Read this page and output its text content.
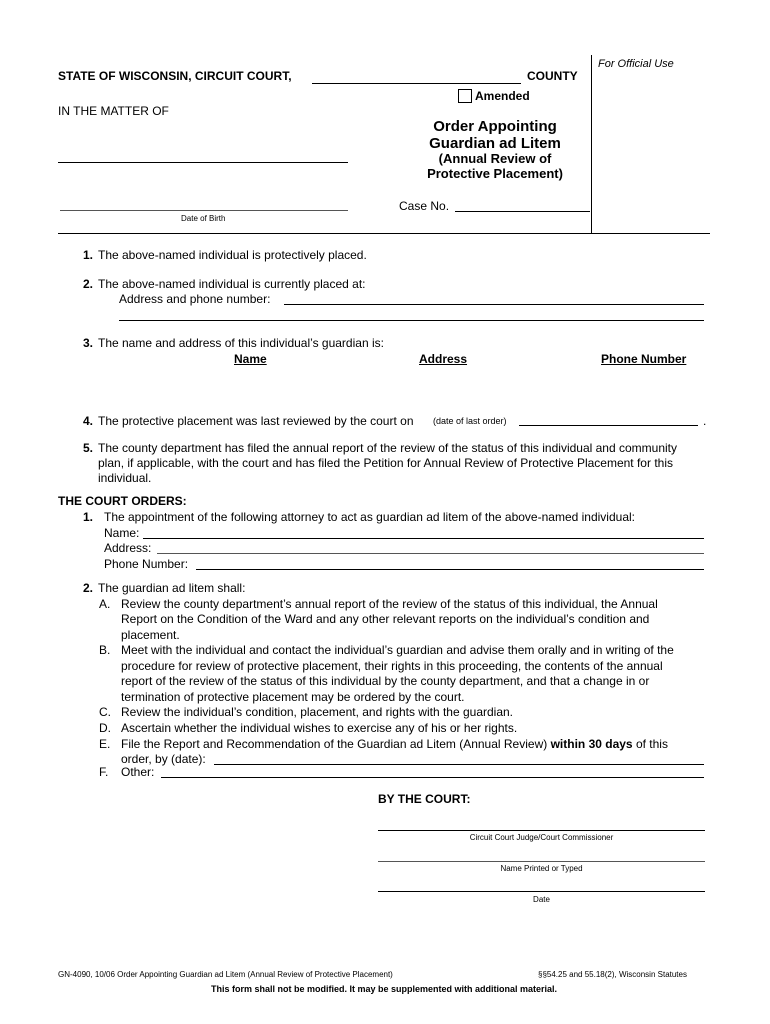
For Official Use
STATE OF WISCONSIN, CIRCUIT COURT,	COUNTY
Amended
IN THE MATTER OF
Date of Birth
Order Appointing
Guardian ad Litem
(Annual Review of
Protective Placement)
Case No.
1. The above-named individual is protectively placed.
2. The above-named individual is currently placed at:
Address and phone number:
3. The name and address of this individual’s guardian is:
Name	Address	Phone Number
4. The protective placement was last reviewed by the court on (date of last order)	.
5. The county department has filed the annual report of the review of the status of this individual and community
plan, if applicable, with the court and has filed the Petition for Annual Review of Protective Placement for this
individual.
THE COURT ORDERS:
1. The appointment of the following attorney to act as guardian ad litem of the above-named individual:
Name:
Address:
Phone Number:
2. The guardian ad litem shall:
A. Review the county department’s annual report of the review of the status of this individual, the Annual
Report on the Condition of the Ward and any other relevant reports on the individual’s condition and
placement.
B. Meet with the individual and contact the individual’s guardian and advise them orally and in writing of the
procedure for review of protective placement, their rights in this proceeding, the contents of the annual
report of the review of the status of this individual by the county department, and that a change in or
termination of protective placement may be ordered by the court.
C. Review the individual’s condition, placement, and rights with the guardian.
D. Ascertain whether the individual wishes to exercise any of his or her rights.
E. File the Report and Recommendation of the Guardian ad Litem (Annual Review) within 30 days of this
order, by (date):
F. Other:
BY THE COURT:
Circuit Court Judge/Court Commissioner
Name Printed or Typed
Date
GN-4090, 10/06 Order Appointing Guardian ad Litem (Annual Review of Protective Placement)	§§54.25 and 55.18(2), Wisconsin Statutes
This form shall not be modified. It may be supplemented with additional material.
